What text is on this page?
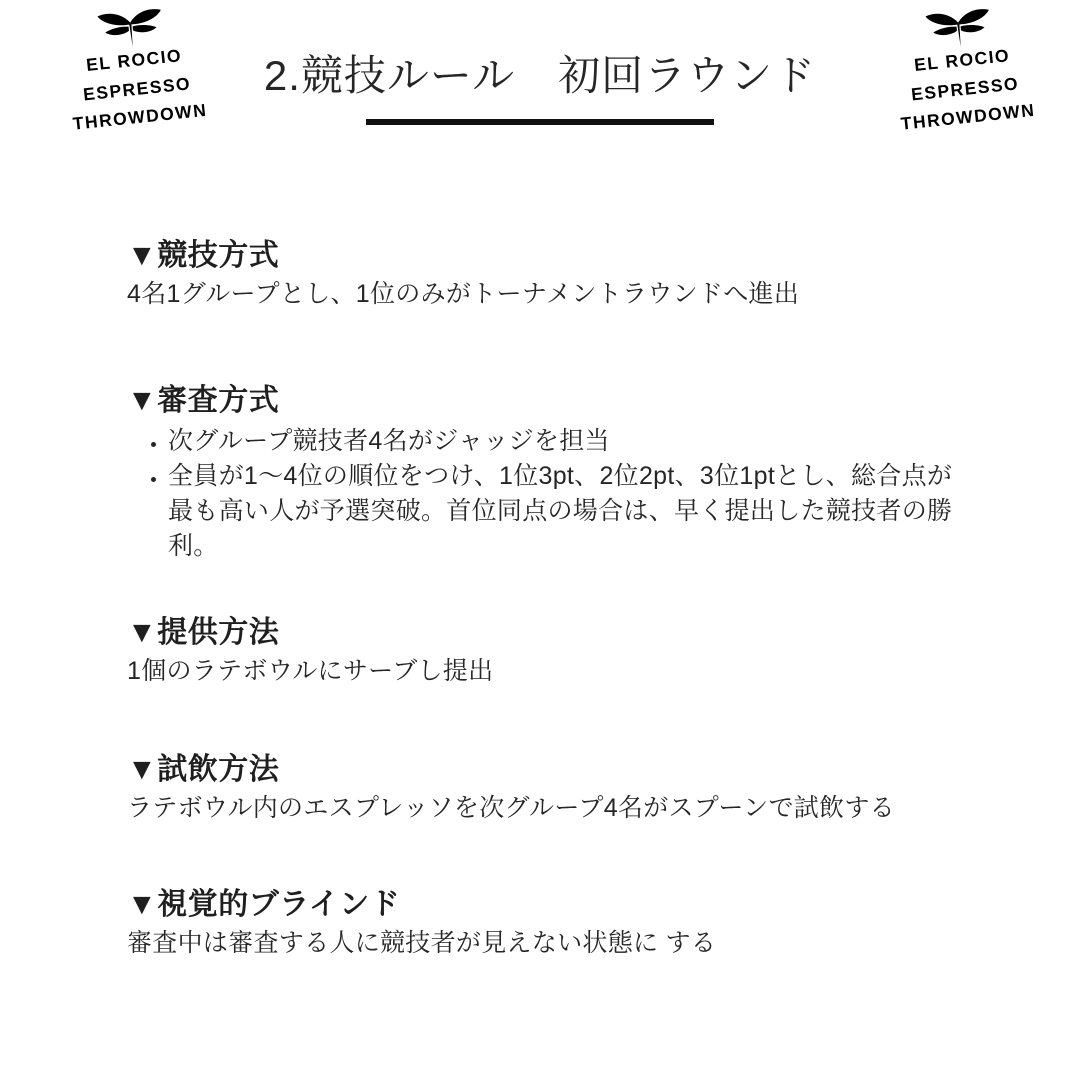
EL ROCIO
ESPRESSO
THROWDOWN
EL ROCIO
ESPRESSO
THROWDOWN
2.競技ルール　初回ラウンド
▼競技方式

4名1グループとし、1位のみがトーナメントラウンドへ進出

▼審査方式
• 次グループ競技者4名がジャッジを担当
• 全員が1〜4位の順位をつけ、1位3pt、2位2pt、3位1ptとし、総合点が最も高い人が予選突破。首位同点の場合は、早く提出した競技者の勝利。
▼提供方法

1個のラテボウルにサーブし提出

▼試飲方法

ラテボウル内のエスプレッソを次グループ4名がスプーンで試飲する

▼視覚的ブラインド

審査中は審査する人に競技者が見えない状態に する
